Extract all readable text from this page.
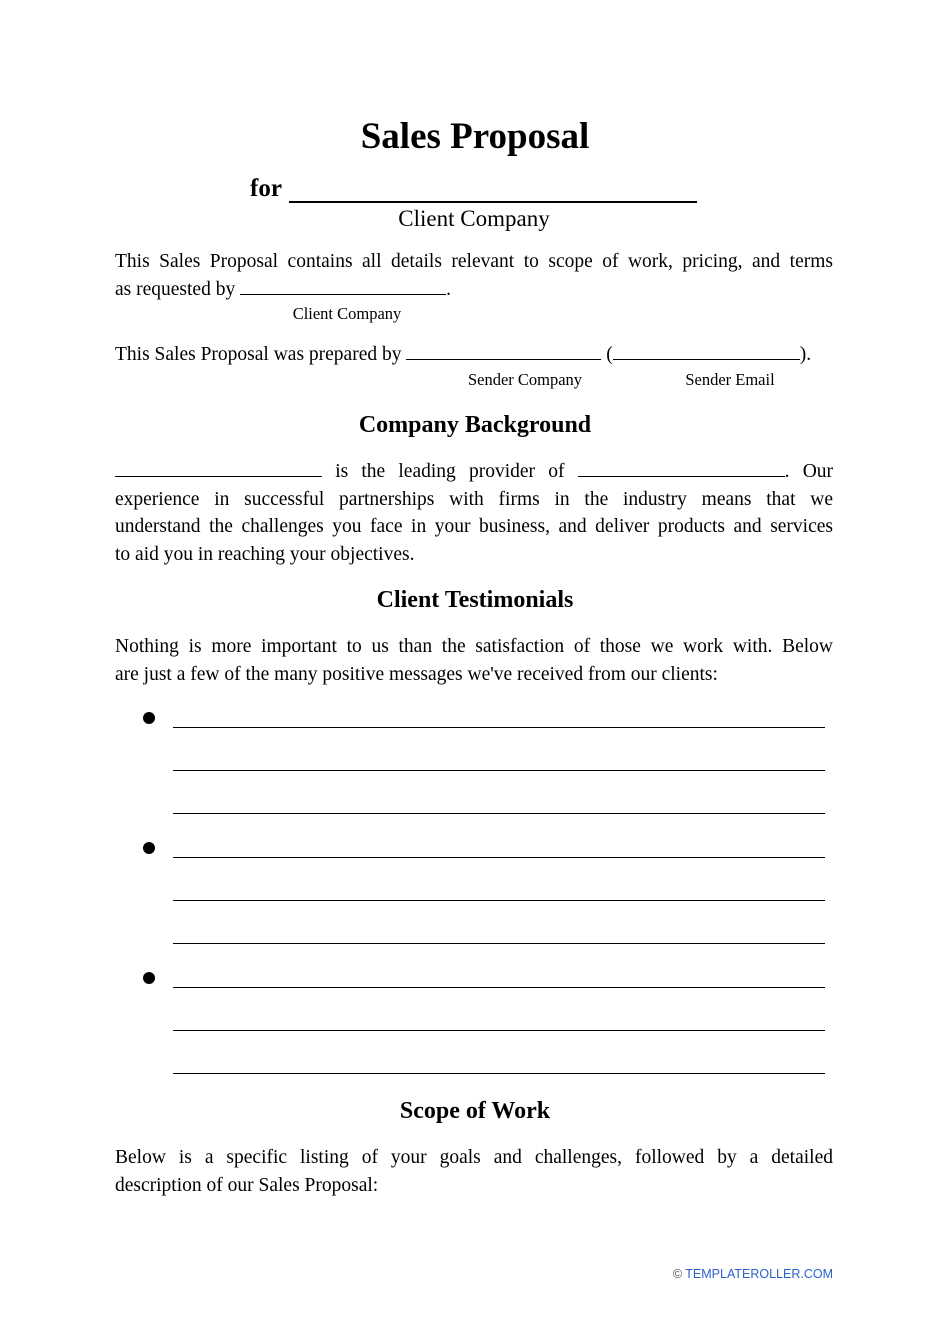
Sales Proposal
for
Client Company
This Sales Proposal contains all details relevant to scope of work, pricing, and terms
as requested by	.
Client Company
This Sales Proposal was prepared by	(	).
Sender Company	Sender Email
Company Background
is the leading provider of	. Our
experience in successful partnerships with firms in the industry means that we
understand the challenges you face in your business, and deliver products and services
to aid you in reaching your objectives.
Client Testimonials
Nothing is more important to us than the satisfaction of those we work with. Below
are just a few of the many positive messages we've received from our clients:
Scope of Work
Below is a specific listing of your goals and challenges, followed by a detailed
description of our Sales Proposal:
© TEMPLATEROLLER.COM
